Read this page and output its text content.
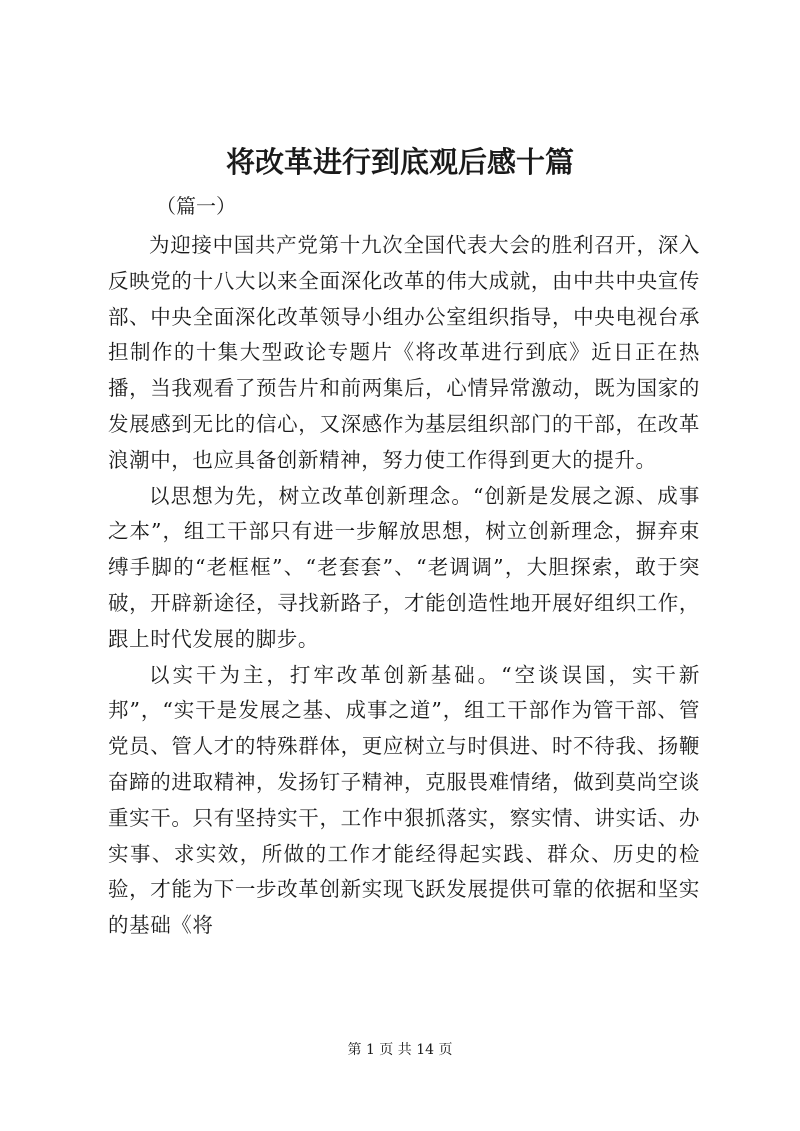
将改革进行到底观后感十篇

（篇一）

为迎接中国共产党第十九次全国代表大会的胜利召开，深入反映党的十八大以来全面深化改革的伟大成就，由中共中央宣传部、中央全面深化改革领导小组办公室组织指导，中央电视台承担制作的十集大型政论专题片《将改革进行到底》近日正在热播，当我观看了预告片和前两集后，心情异常激动，既为国家的发展感到无比的信心，又深感作为基层组织部门的干部，在改革浪潮中，也应具备创新精神，努力使工作得到更大的提升。

以思想为先，树立改革创新理念。“创新是发展之源、成事之本”，组工干部只有进一步解放思想，树立创新理念，摒弃束缚手脚的“老框框”、“老套套”、“老调调”，大胆探索，敢于突破，开辟新途径，寻找新路子，才能创造性地开展好组织工作，跟上时代发展的脚步。

以实干为主，打牢改革创新基础。“空谈误国，实干新邦”，“实干是发展之基、成事之道”，组工干部作为管干部、管党员、管人才的特殊群体，更应树立与时俱进、时不待我、扬鞭奋蹄的进取精神，发扬钉子精神，克服畏难情绪，做到莫尚空谈重实干。只有坚持实干，工作中狠抓落实，察实情、讲实话、办实事、求实效，所做的工作才能经得起实践、群众、历史的检验，才能为下一步改革创新实现飞跃发展提供可靠的依据和坚实的基础《将

第 1 页 共 14 页
